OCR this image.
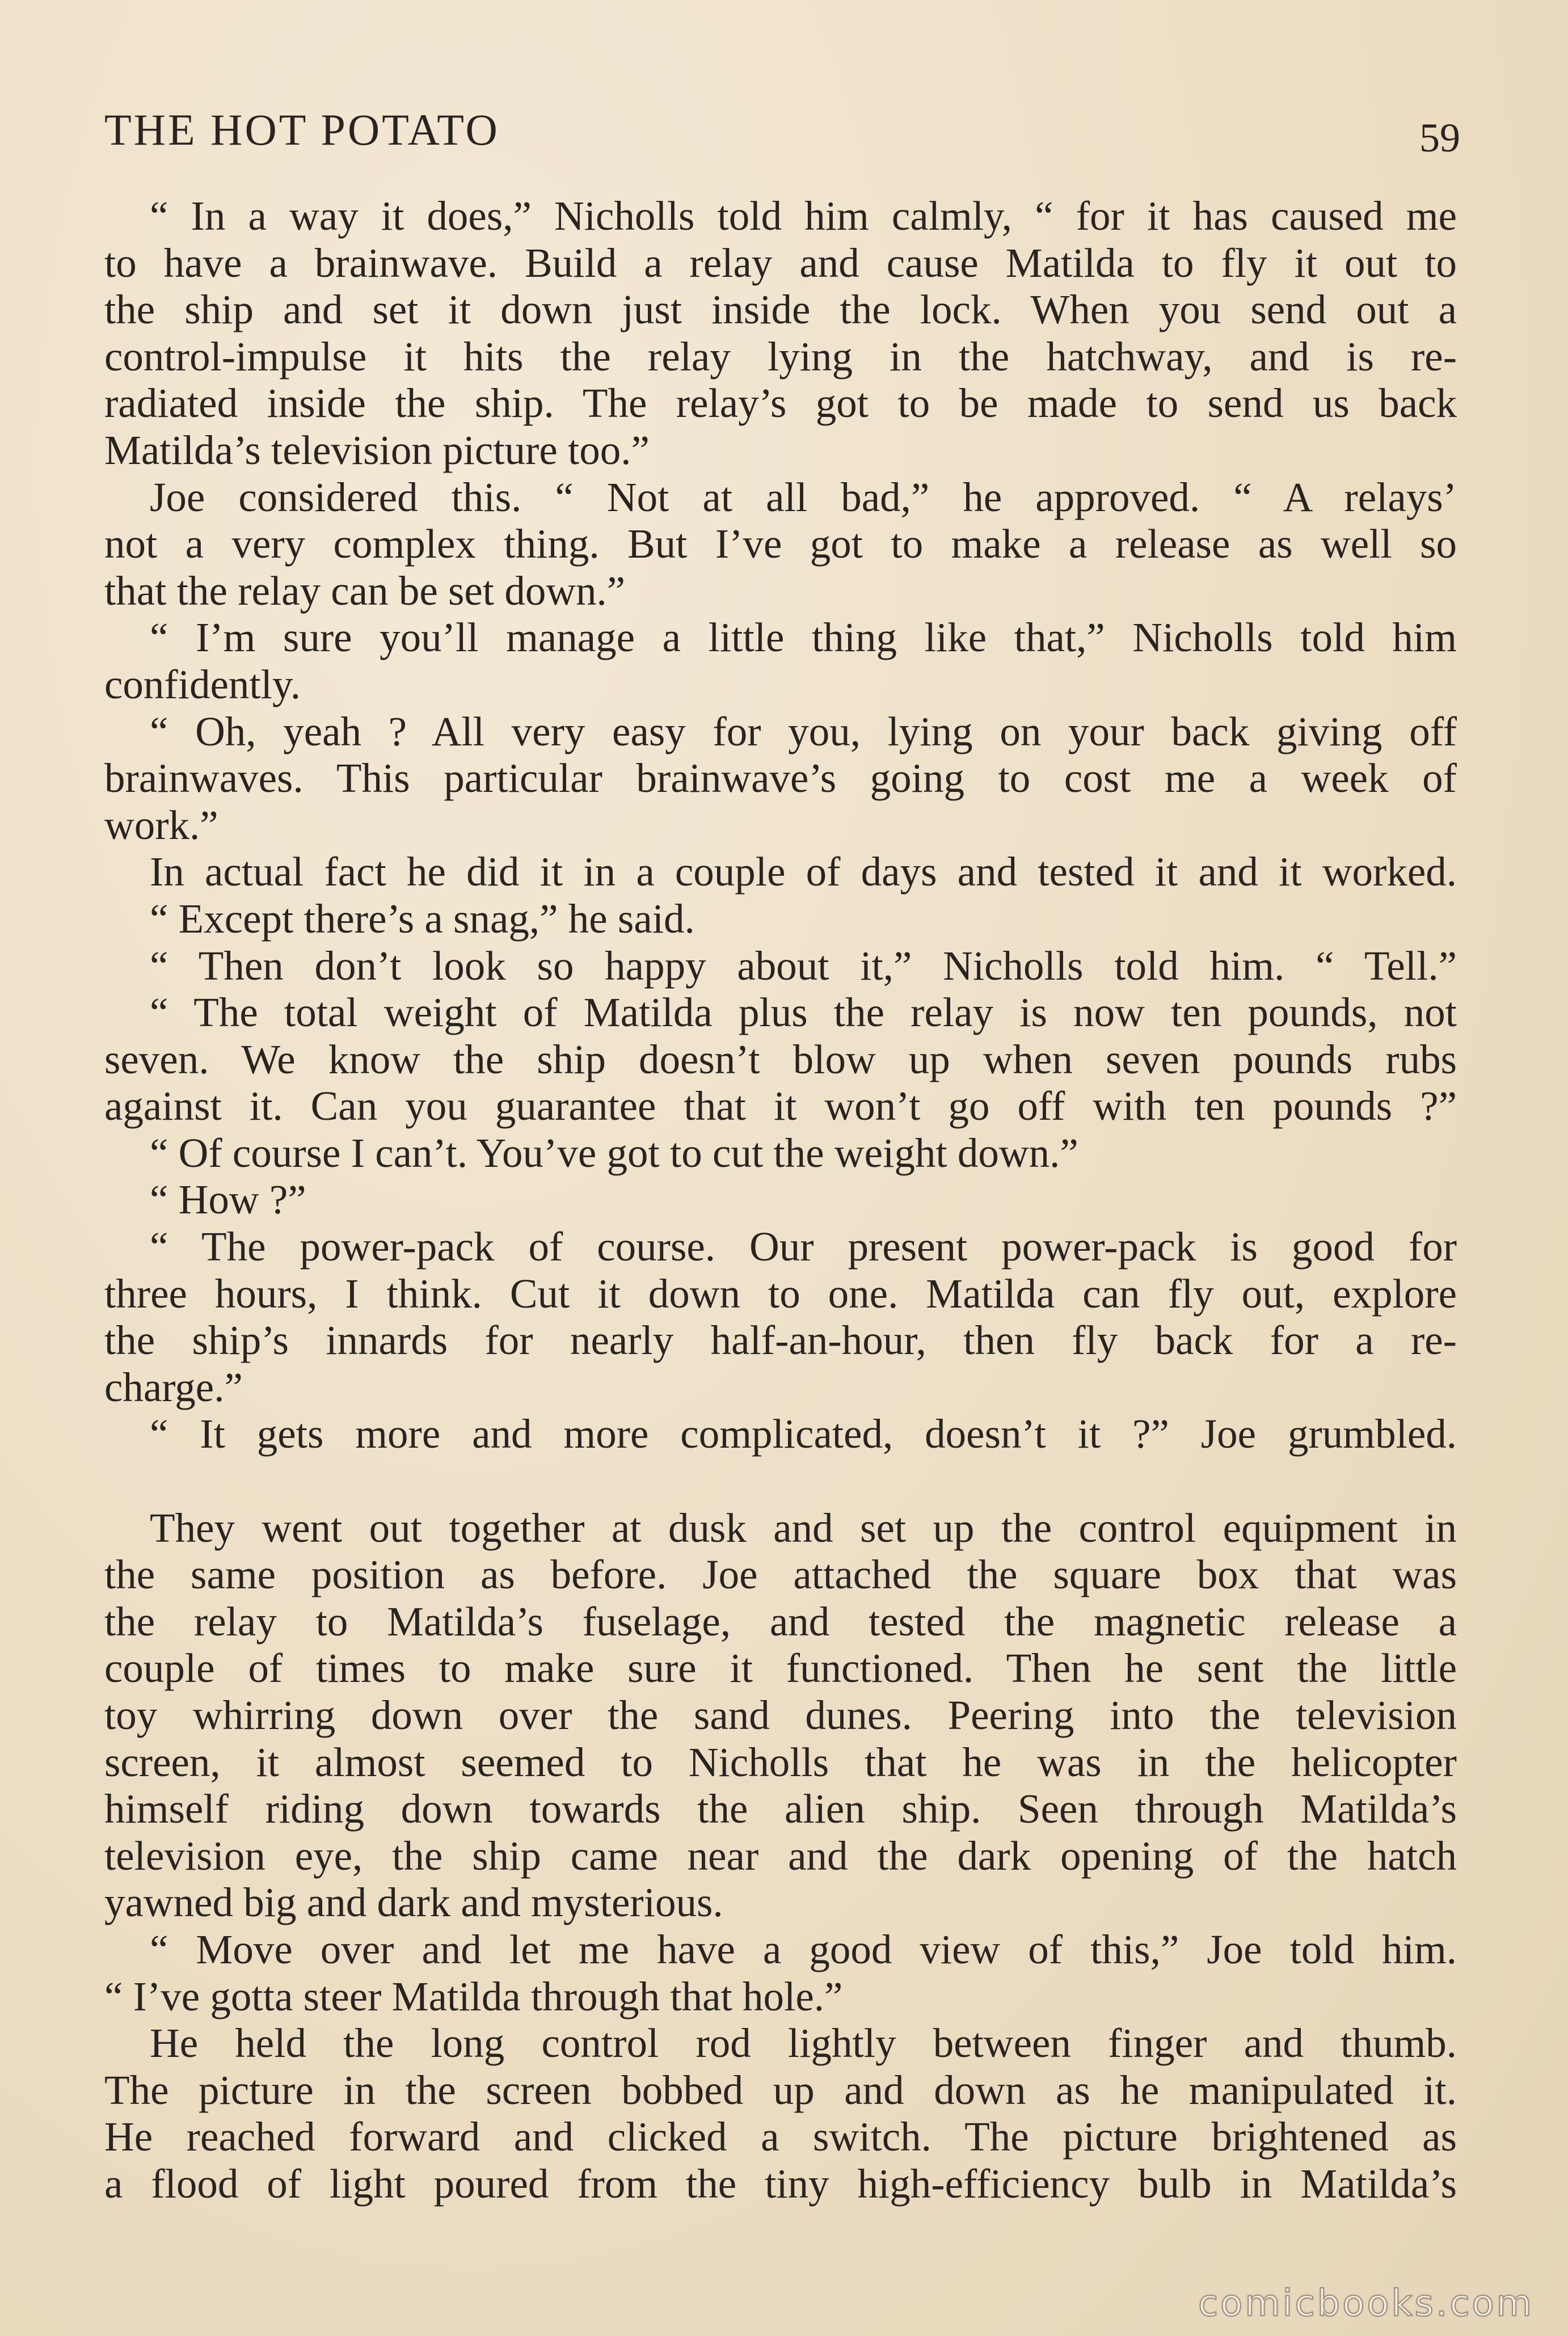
THE HOT POTATO	59
“ In a way it does,” Nicholls told him calmly, “ for it has caused me
to have a brainwave. Build a relay and cause Matilda to fly it out to
the ship and set it down just inside the lock. When you send out a
control-impulse it hits the relay lying in the hatchway, and is re-
radiated inside the ship. The relay’s got to be made to send us back
Matilda’s television picture too.”
Joe considered this. “ Not at all bad,” he approved. “ A relays’
not a very complex thing. But I’ve got to make a release as well so
that the relay can be set down.”
“ I’m sure you’ll manage a little thing like that,” Nicholls told him
confidently.
“ Oh, yeah ? All very easy for you, lying on your back giving off
brainwaves. This particular brainwave’s going to cost me a week of
work.”
In actual fact he did it in a couple of days and tested it and it worked.
“ Except there’s a snag,” he said.
“ Then don’t look so happy about it,” Nicholls told him. “ Tell.”
“ The total weight of Matilda plus the relay is now ten pounds, not
seven. We know the ship doesn’t blow up when seven pounds rubs
against it. Can you guarantee that it won’t go off with ten pounds ?”
“ Of course I can’t. You’ve got to cut the weight down.”
“ How ?”
“ The power-pack of course. Our present power-pack is good for
three hours, I think. Cut it down to one. Matilda can fly out, explore
the ship’s innards for nearly half-an-hour, then fly back for a re-
charge.”
“ It gets more and more complicated, doesn’t it ?” Joe grumbled.
They went out together at dusk and set up the control equipment in
the same position as before. Joe attached the square box that was
the relay to Matilda’s fuselage, and tested the magnetic release a
couple of times to make sure it functioned. Then he sent the little
toy whirring down over the sand dunes. Peering into the television
screen, it almost seemed to Nicholls that he was in the helicopter
himself riding down towards the alien ship. Seen through Matilda’s
television eye, the ship came near and the dark opening of the hatch
yawned big and dark and mysterious.
“ Move over and let me have a good view of this,” Joe told him.
“ I’ve gotta steer Matilda through that hole.”
He held the long control rod lightly between finger and thumb.
The picture in the screen bobbed up and down as he manipulated it.
He reached forward and clicked a switch. The picture brightened as
a flood of light poured from the tiny high-efficiency bulb in Matilda’s
comicbooks.com
